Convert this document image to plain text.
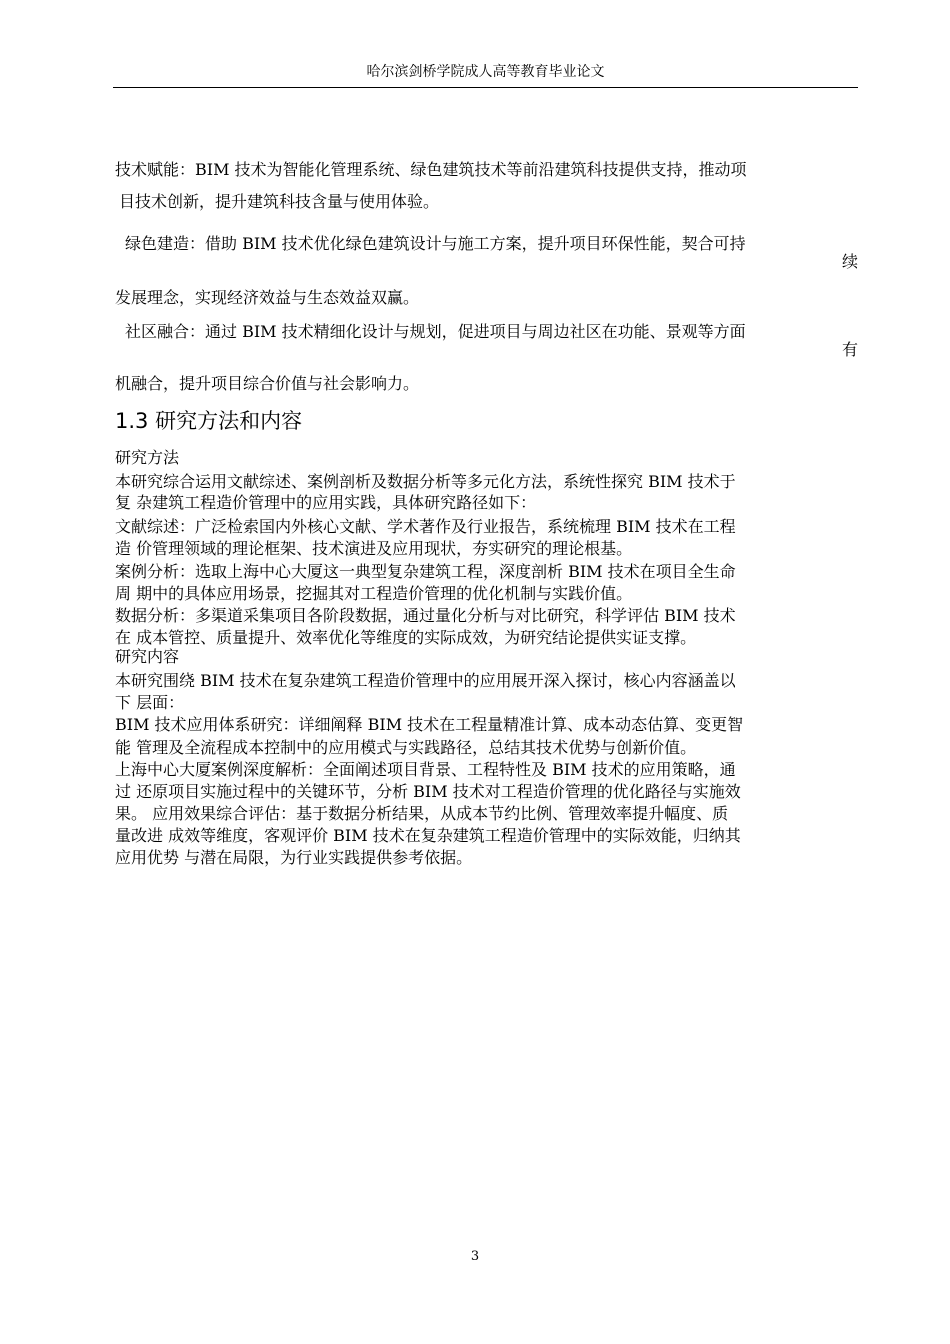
哈尔滨剑桥学院成人高等教育毕业论文

技术赋能：BIM 技术为智能化管理系统、绿色建筑技术等前沿建筑科技提供支持，推动项

目技术创新，提升建筑科技含量与使用体验。

绿色建造：借助 BIM 技术优化绿色建筑设计与施工方案，提升项目环保性能，契合可持

续

发展理念，实现经济效益与生态效益双赢。

社区融合：通过 BIM 技术精细化设计与规划，促进项目与周边社区在功能、景观等方面

有

机融合，提升项目综合价值与社会影响力。

1.3 研究方法和内容

研究方法

本研究综合运用文献综述、案例剖析及数据分析等多元化方法，系统性探究 BIM 技术于

复 杂建筑工程造价管理中的应用实践，具体研究路径如下：

文献综述：广泛检索国内外核心文献、学术著作及行业报告，系统梳理 BIM 技术在工程

造 价管理领域的理论框架、技术演进及应用现状，夯实研究的理论根基。

案例分析：选取上海中心大厦这一典型复杂建筑工程，深度剖析 BIM 技术在项目全生命

周 期中的具体应用场景，挖掘其对工程造价管理的优化机制与实践价值。

数据分析：多渠道采集项目各阶段数据，通过量化分析与对比研究，科学评估 BIM 技术

在 成本管控、质量提升、效率优化等维度的实际成效，为研究结论提供实证支撑。

研究内容

本研究围绕 BIM 技术在复杂建筑工程造价管理中的应用展开深入探讨，核心内容涵盖以

下 层面：

BIM 技术应用体系研究：详细阐释 BIM 技术在工程量精准计算、成本动态估算、变更智

能 管理及全流程成本控制中的应用模式与实践路径，总结其技术优势与创新价值。

上海中心大厦案例深度解析：全面阐述项目背景、工程特性及 BIM 技术的应用策略，通

过 还原项目实施过程中的关键环节，分析 BIM 技术对工程造价管理的优化路径与实施效

果。 应用效果综合评估：基于数据分析结果，从成本节约比例、管理效率提升幅度、质

量改进 成效等维度，客观评价 BIM 技术在复杂建筑工程造价管理中的实际效能，归纳其

应用优势 与潜在局限，为行业实践提供参考依据。

3
